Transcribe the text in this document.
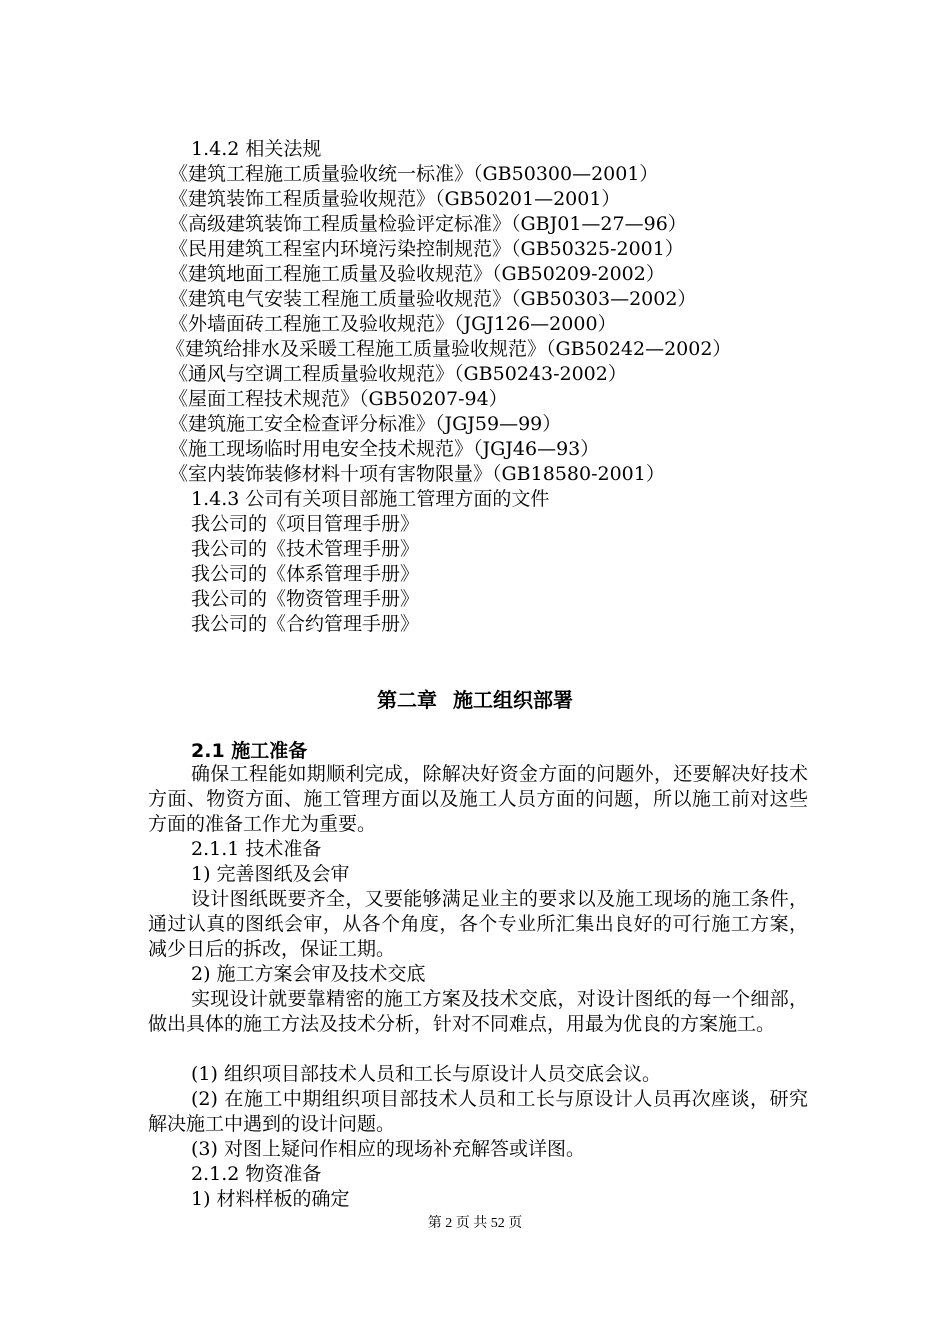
1.4.2 相关法规
《建筑工程施工质量验收统一标准》（GB50300—2001）
《建筑装饰工程质量验收规范》（GB50201—2001）
《高级建筑装饰工程质量检验评定标准》（GBJ01—27—96）
《民用建筑工程室内环境污染控制规范》（GB50325-2001）
《建筑地面工程施工质量及验收规范》（GB50209-2002）
《建筑电气安装工程施工质量验收规范》（GB50303—2002）
《外墙面砖工程施工及验收规范》（JGJ126—2000）
《建筑给排水及采暖工程施工质量验收规范》（GB50242—2002）
《通风与空调工程质量验收规范》（GB50243-2002）
《屋面工程技术规范》（GB50207-94）
《建筑施工安全检查评分标准》（JGJ59—99）
《施工现场临时用电安全技术规范》（JGJ46—93）
《室内装饰装修材料十项有害物限量》（GB18580-2001）
1.4.3 公司有关项目部施工管理方面的文件
我公司的《项目管理手册》
我公司的《技术管理手册》
我公司的《体系管理手册》
我公司的《物资管理手册》
我公司的《合约管理手册》
第二章 施工组织部署
2.1 施工准备
确保工程能如期顺利完成，除解决好资金方面的问题外，还要解决好技术方面、物资方面、施工管理方面以及施工人员方面的问题，所以施工前对这些方面的准备工作尤为重要。
2.1.1 技术准备
1) 完善图纸及会审
设计图纸既要齐全，又要能够满足业主的要求以及施工现场的施工条件，通过认真的图纸会审，从各个角度，各个专业所汇集出良好的可行施工方案，减少日后的拆改，保证工期。
2) 施工方案会审及技术交底
实现设计就要靠精密的施工方案及技术交底，对设计图纸的每一个细部，做出具体的施工方法及技术分析，针对不同难点，用最为优良的方案施工。
(1) 组织项目部技术人员和工长与原设计人员交底会议。
(2) 在施工中期组织项目部技术人员和工长与原设计人员再次座谈，研究解决施工中遇到的设计问题。
(3) 对图上疑问作相应的现场补充解答或详图。
2.1.2 物资准备
1) 材料样板的确定
第 2 页 共 52 页
